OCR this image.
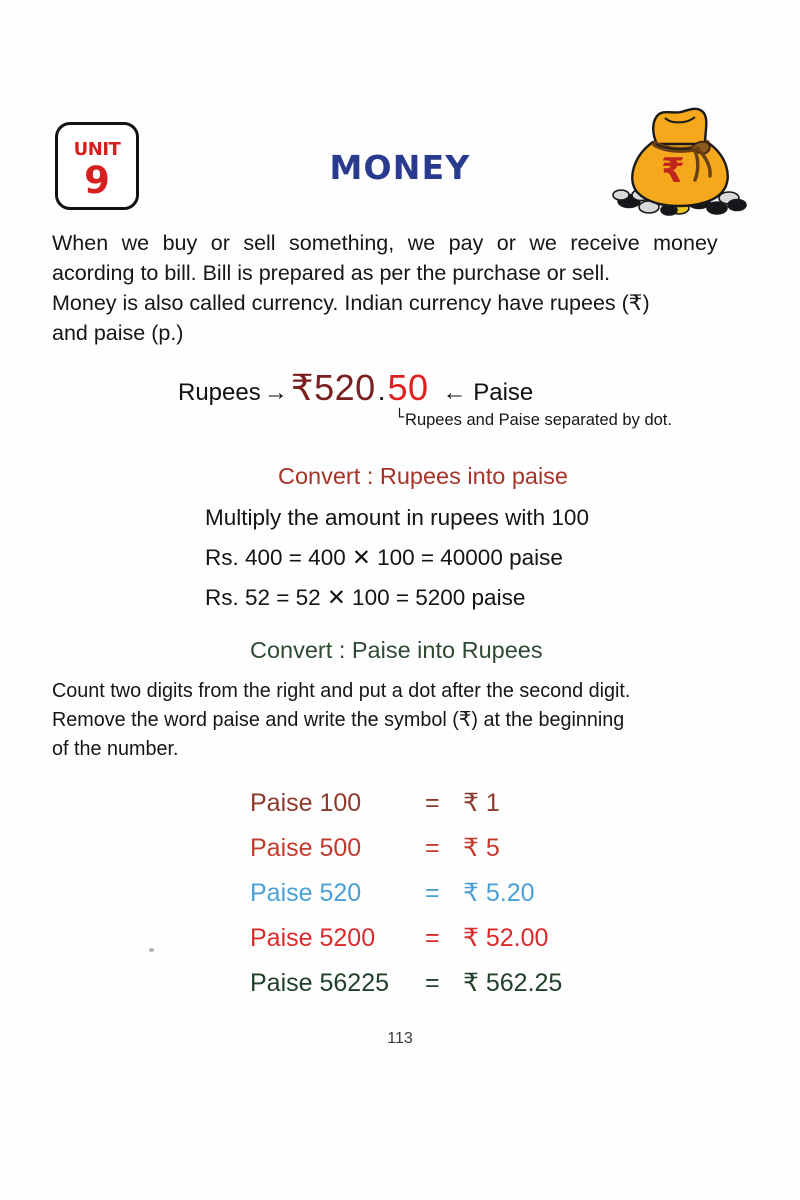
unit
9	MONEY	₹
When we buy or sell something, we pay or we receive money
acording to bill. Bill is prepared as per the purchase or sell.
Money is also called currency. Indian currency have rupees (₹)
and paise (p.)
Rupees →₹520.50 ← Paise
└Rupees and Paise separated by dot.
Convert : Rupees into paise
Multiply the amount in rupees with 100
Rs. 400 = 400 ✕ 100 = 40000 paise
Rs. 52 = 52 ✕ 100 = 5200 paise
Convert : Paise into Rupees
Count two digits from the right and put a dot after the second digit.
Remove the word paise and write the symbol (₹) at the beginning
of the number.
Paise 100	= ₹ 1
Paise 500	= ₹ 5
Paise 520	= ₹ 5.20
Paise 5200	= ₹ 52.00
Paise 56225	= ₹ 562.25
113
